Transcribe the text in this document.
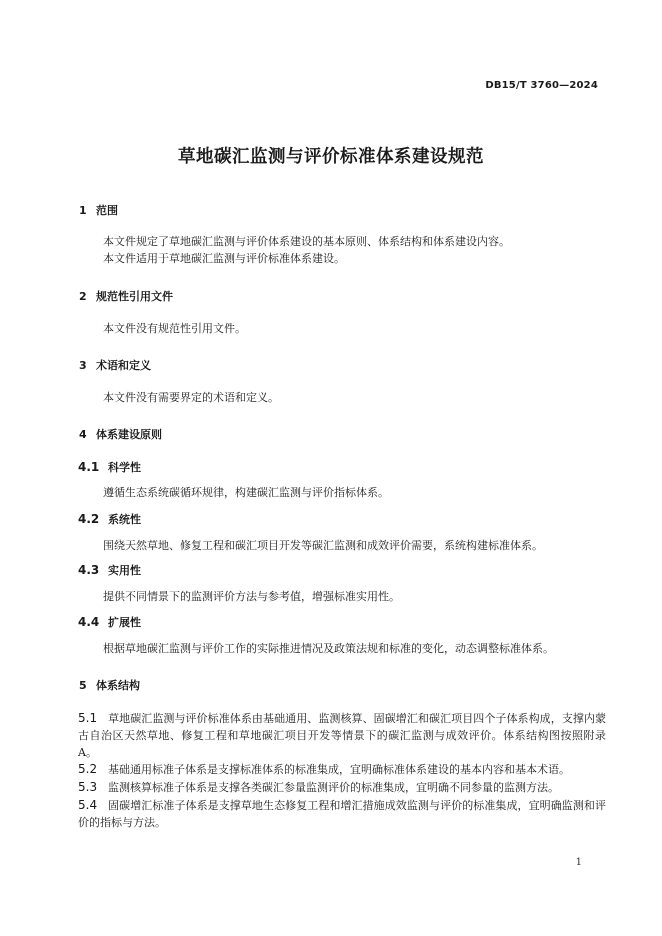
DB15/T 3760—2024
草地碳汇监测与评价标准体系建设规范
1 范围
本文件规定了草地碳汇监测与评价体系建设的基本原则、体系结构和体系建设内容。
本文件适用于草地碳汇监测与评价标准体系建设。
2 规范性引用文件
本文件没有规范性引用文件。
3 术语和定义
本文件没有需要界定的术语和定义。
4 体系建设原则
4.1 科学性
遵循生态系统碳循环规律，构建碳汇监测与评价指标体系。
4.2 系统性
围绕天然草地、修复工程和碳汇项目开发等碳汇监测和成效评价需要，系统构建标准体系。
4.3 实用性
提供不同情景下的监测评价方法与参考值，增强标准实用性。
4.4 扩展性
根据草地碳汇监测与评价工作的实际推进情况及政策法规和标准的变化，动态调整标准体系。
5 体系结构
5.1 草地碳汇监测与评价标准体系由基础通用、监测核算、固碳增汇和碳汇项目四个子体系构成，支撑内蒙古自治区天然草地、修复工程和草地碳汇项目开发等情景下的碳汇监测与成效评价。体系结构图按照附录 A。
5.2 基础通用标准子体系是支撑标准体系的标准集成，宜明确标准体系建设的基本内容和基本术语。
5.3 监测核算标准子体系是支撑各类碳汇参量监测评价的标准集成，宜明确不同参量的监测方法。
5.4 固碳增汇标准子体系是支撑草地生态修复工程和增汇措施成效监测与评价的标准集成，宜明确监测和评价的指标与方法。
1
